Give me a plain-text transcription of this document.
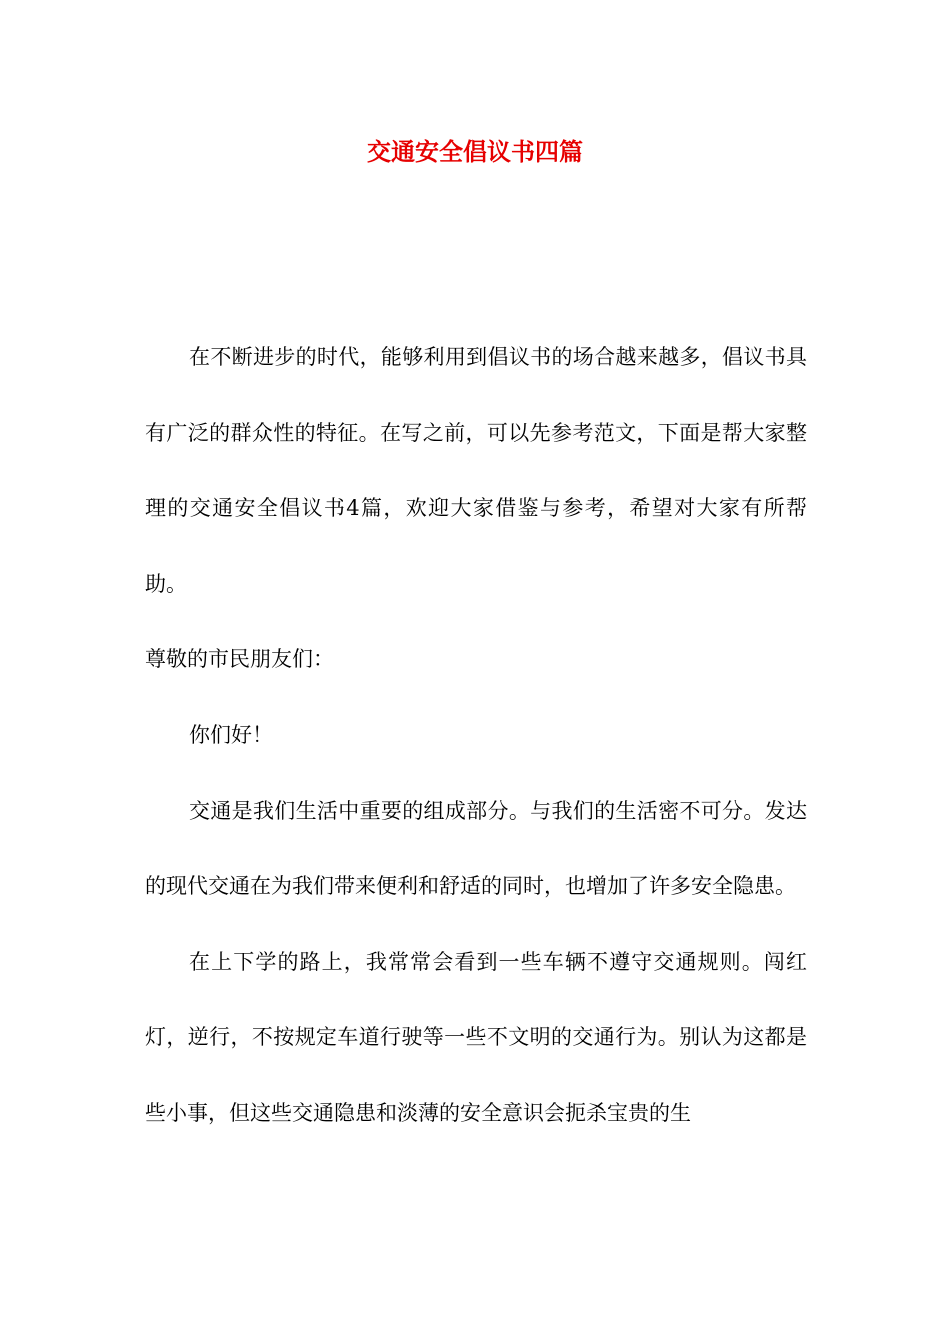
交通安全倡议书四篇

在不断进步的时代，能够利用到倡议书的场合越来越多，倡议书具有广泛的群众性的特征。在写之前，可以先参考范文，下面是帮大家整理的交通安全倡议书4篇，欢迎大家借鉴与参考，希望对大家有所帮助。

尊敬的市民朋友们：

你们好！

交通是我们生活中重要的组成部分。与我们的生活密不可分。发达的现代交通在为我们带来便利和舒适的同时，也增加了许多安全隐患。

在上下学的路上，我常常会看到一些车辆不遵守交通规则。闯红灯，逆行，不按规定车道行驶等一些不文明的交通行为。别认为这都是些小事，但这些交通隐患和淡薄的安全意识会扼杀宝贵的生
